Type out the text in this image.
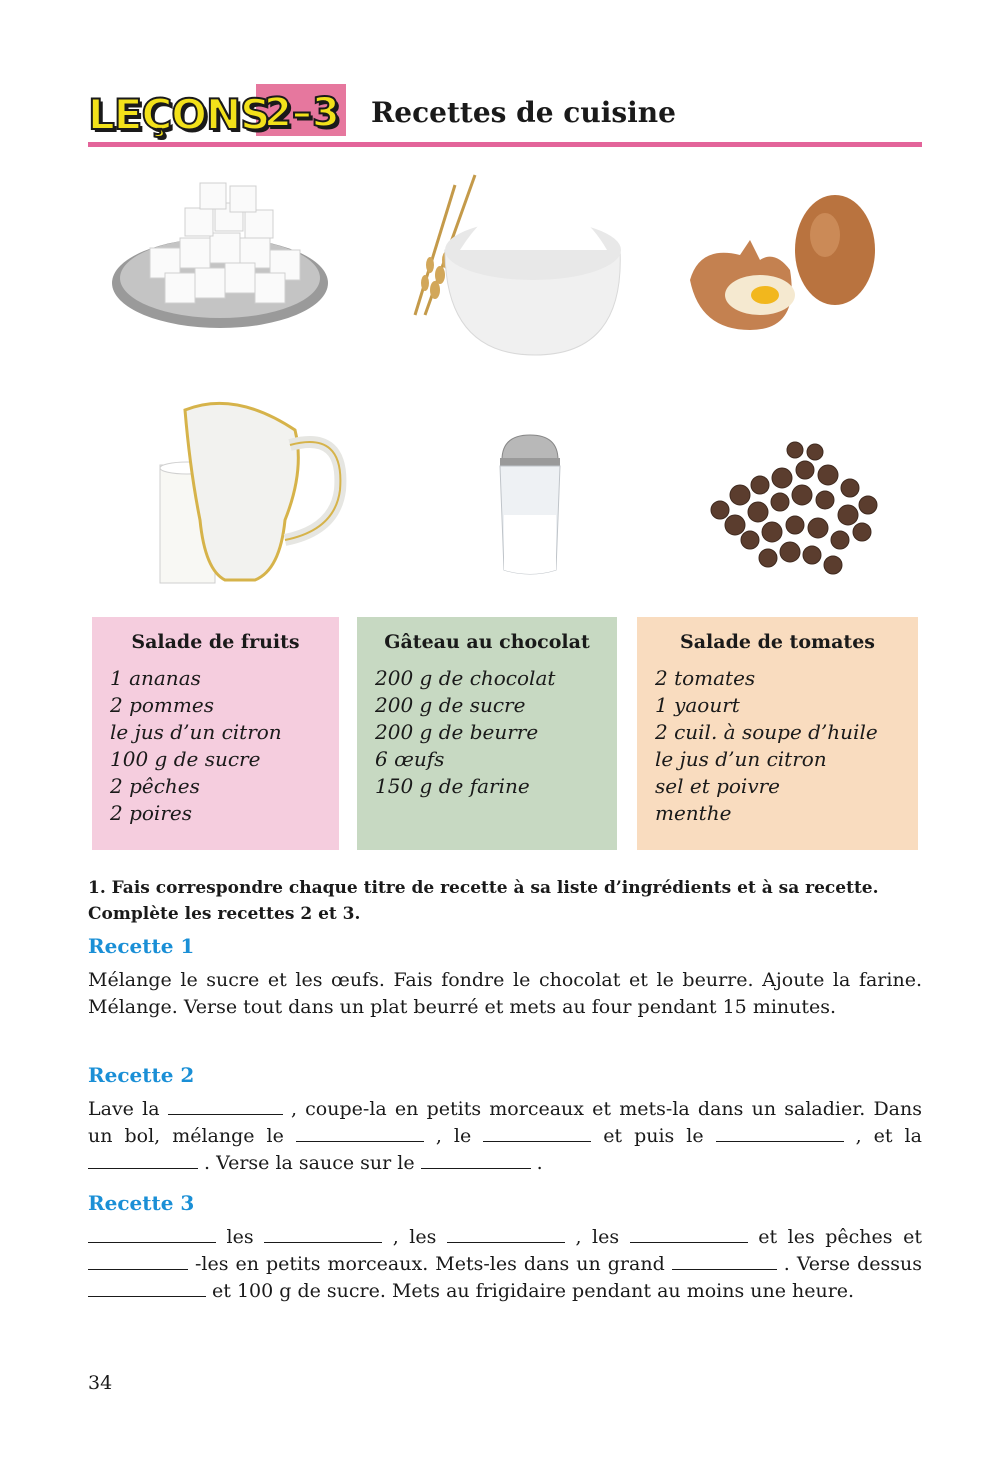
LEÇONS
2–3 Recettes de cuisine
Salade de fruits
1 ananas
2 pommes
le jus d’un citron
100 g de sucre
2 pêches
2 poires
Gâteau au chocolat
200 g de chocolat
200 g de sucre
200 g de beurre
6 œufs
150 g de farine
Salade de tomates
2 tomates
1 yaourt
2 cuil. à soupe d’huile
le jus d’un citron
sel et poivre
menthe
1. Fais correspondre chaque titre de recette à sa liste d’ingrédients et à sa recette. Complète les recettes 2 et 3.
Recette 1
Mélange le sucre et les œufs. Fais fondre le chocolat et le beurre. Ajoute la farine. Mélange. Verse tout dans un plat beurré et mets au four pendant 15 minutes.
Recette 2
Lave la	, coupe-la en petits morceaux et mets-la dans un saladier. Dans un bol, mélange le	, le	et puis le	, et la  . Verse la sauce sur le	.
Recette 3
les	, les	, les	et les pêches et  -les en petits morceaux. Mets-les dans un grand	. Verse dessus  et 100 g de sucre. Mets au frigidaire pendant au moins une heure.
34
